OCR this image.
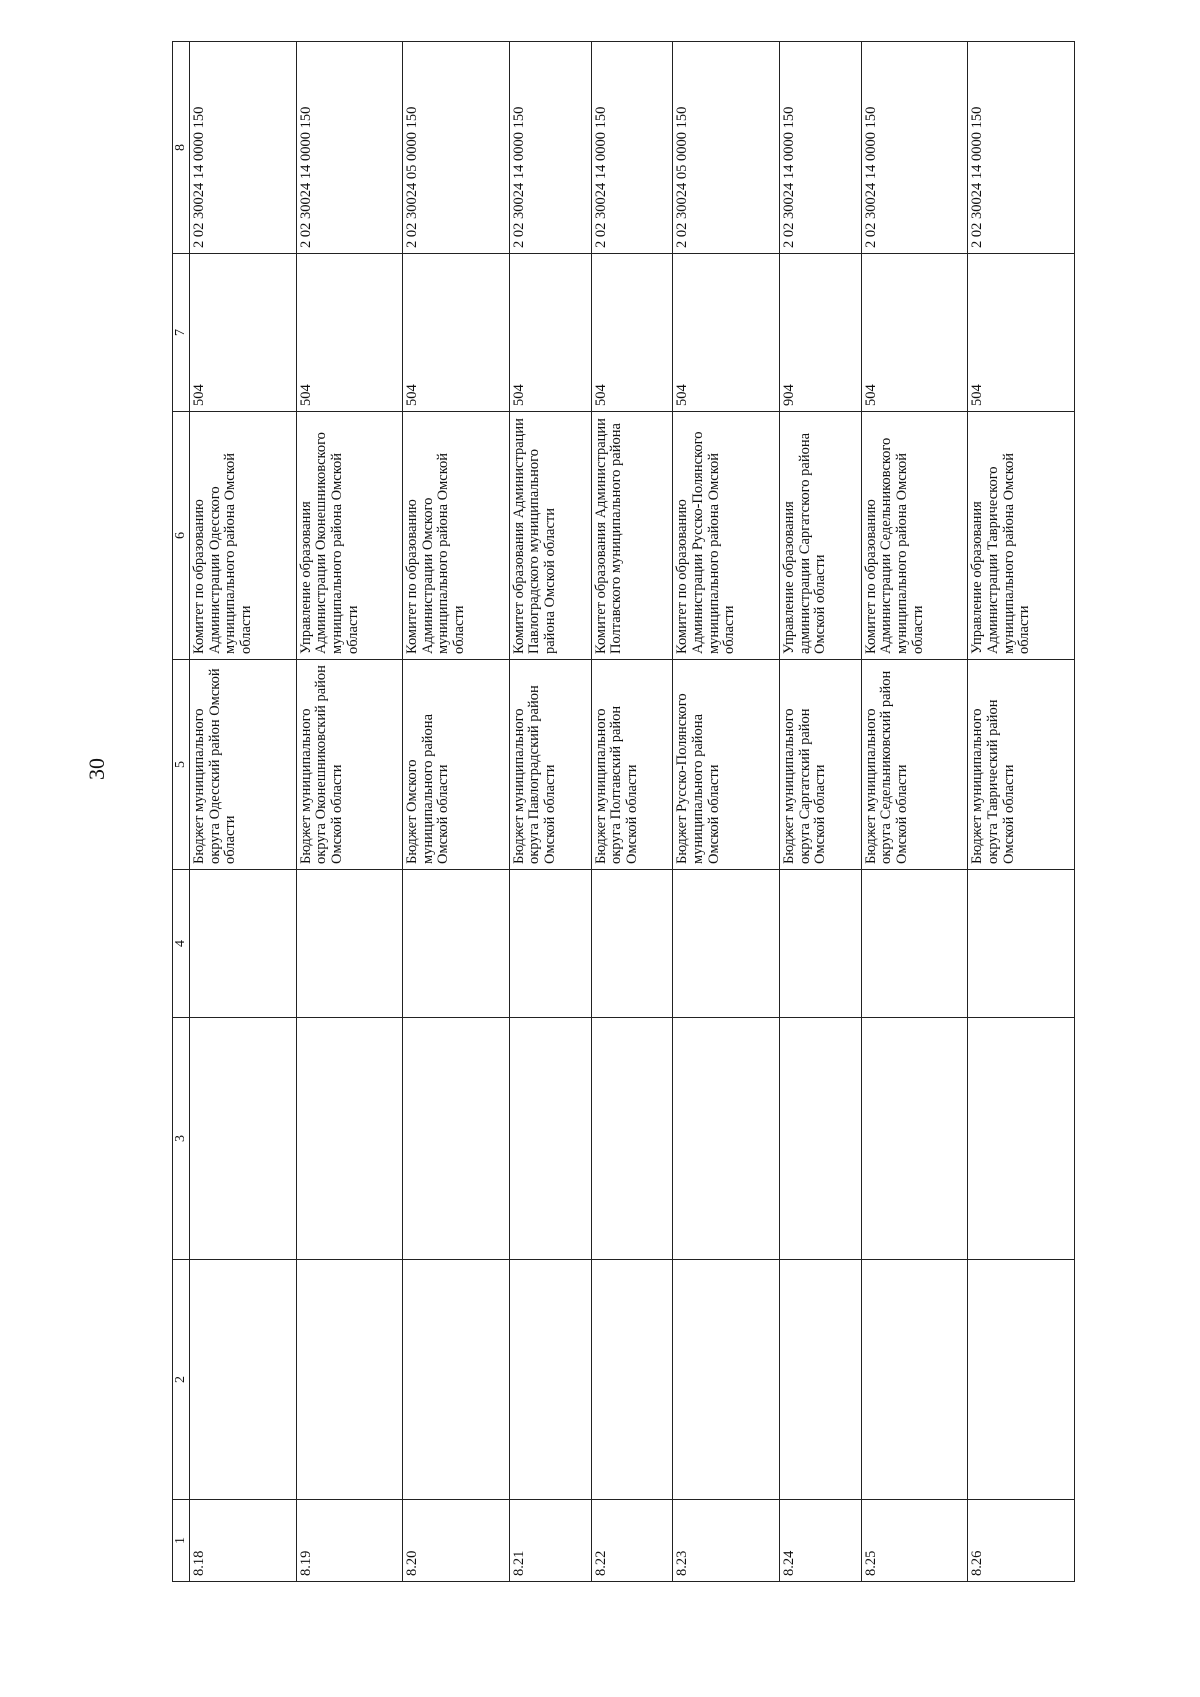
30
1	2	3	4	5	6	7	8
8.18				Бюджет муниципального округа Одесский район Омской области	Комитет по образованию Администрации Одесского муниципального района Омской области	504	2 02 30024 14 0000 150
8.19				Бюджет муниципального округа Оконешниковский район Омской области	Управление образования Администрации Оконешниковского муниципального района Омской области	504	2 02 30024 14 0000 150
8.20				Бюджет Омского муниципального района Омской области	Комитет по образованию Администрации Омского муниципального района Омской области	504	2 02 30024 05 0000 150
8.21				Бюджет муниципального округа Павлоградский район Омской области	Комитет образования Администрации Павлоградского муниципального района Омской области	504	2 02 30024 14 0000 150
8.22				Бюджет муниципального округа Полтавский район Омской области	Комитет образования Администрации Полтавского муниципального района	504	2 02 30024 14 0000 150
8.23				Бюджет Русско-Полянского муниципального района Омской области	Комитет по образованию Администрации Русско-Полянского муниципального района Омской области	504	2 02 30024 05 0000 150
8.24				Бюджет муниципального округа Саргатский район Омской области	Управление образования администрации Саргатского района Омской области	904	2 02 30024 14 0000 150
8.25				Бюджет муниципального округа Седельниковский район Омской области	Комитет по образованию Администрации Седельниковского муниципального района Омской области	504	2 02 30024 14 0000 150
8.26				Бюджет муниципального округа Таврический район Омской области	Управление образования Администрации Таврического муниципального района Омской области	504	2 02 30024 14 0000 150
